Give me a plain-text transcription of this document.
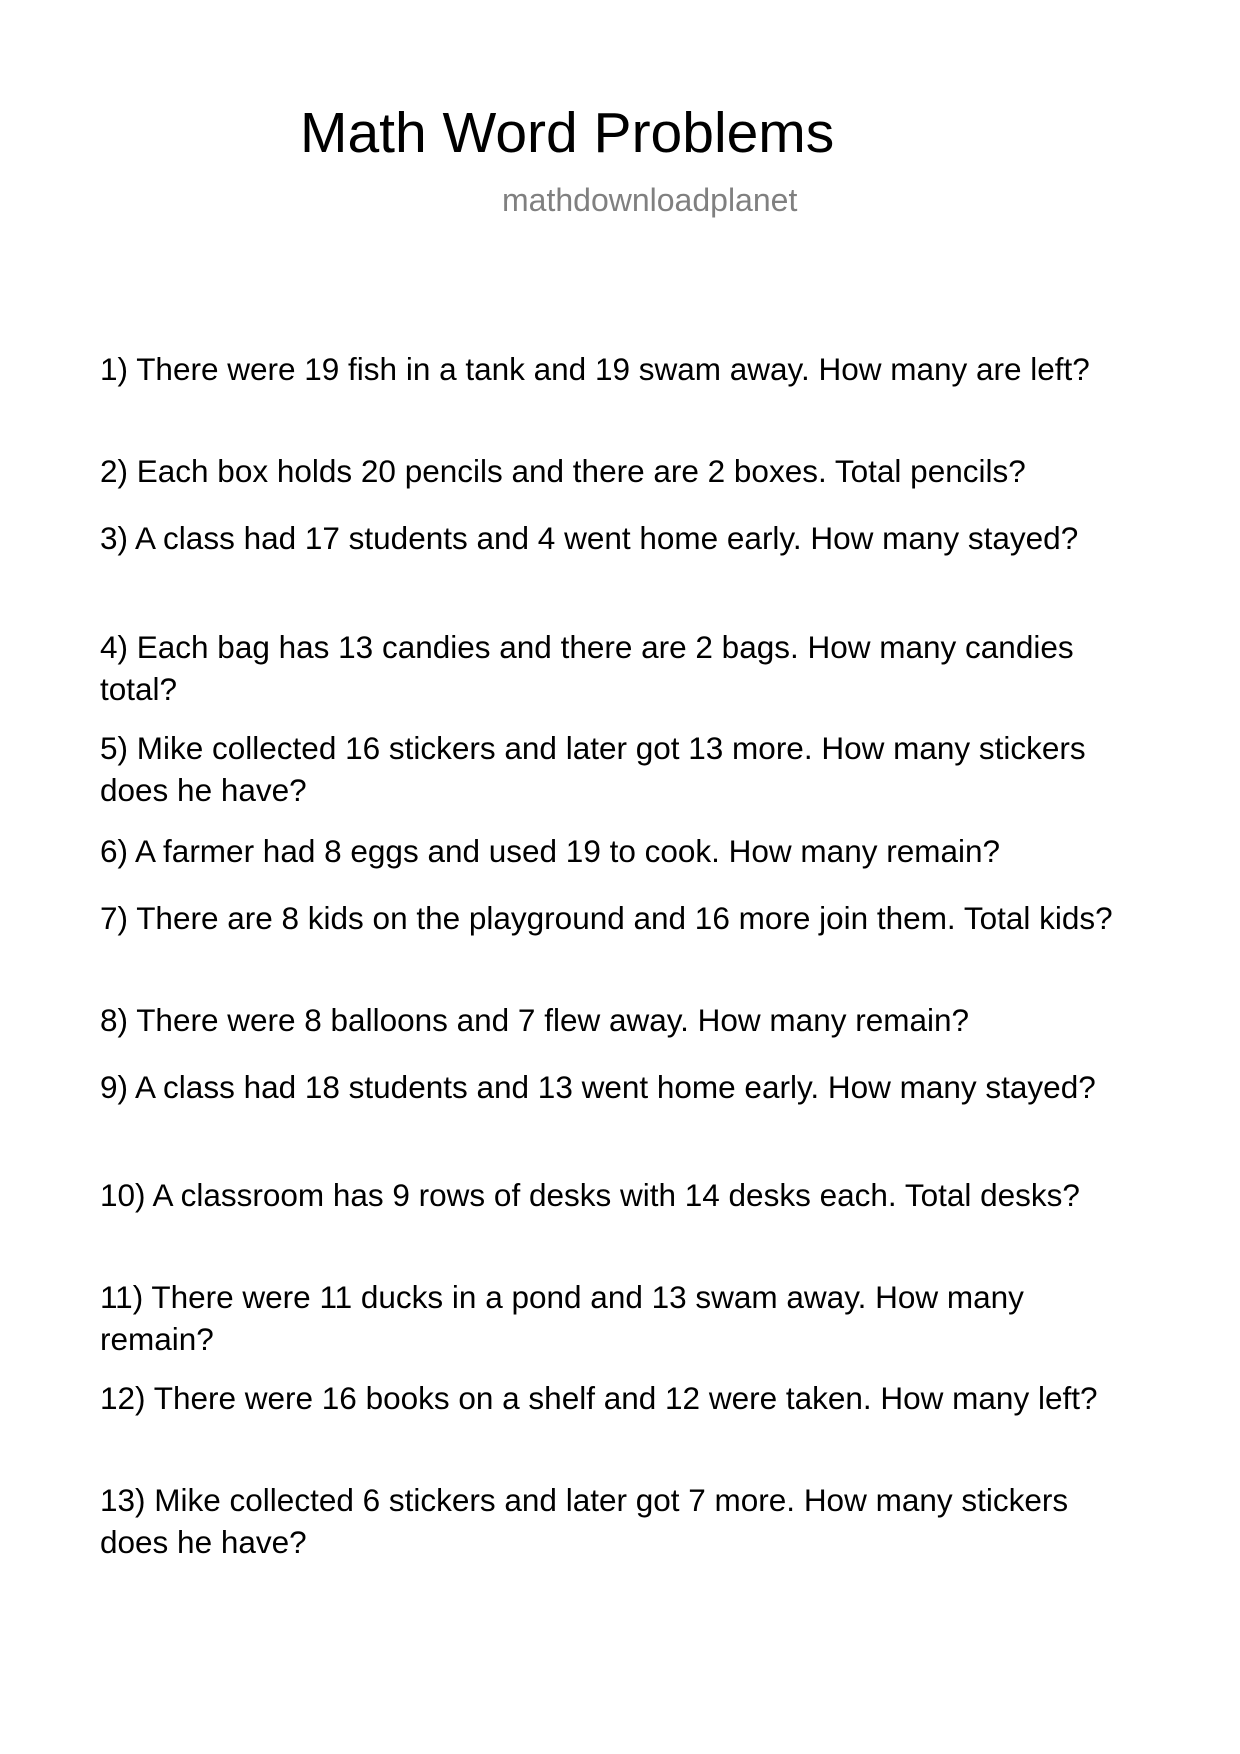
Math Word Problems
mathdownloadplanet
1) There were 19 fish in a tank and 19 swam away. How many are left?
2) Each box holds 20 pencils and there are 2 boxes. Total pencils?
3) A class had 17 students and 4 went home early. How many stayed?
4) Each bag has 13 candies and there are 2 bags. How many candies total?
5) Mike collected 16 stickers and later got 13 more. How many stickers does he have?
6) A farmer had 8 eggs and used 19 to cook. How many remain?
7) There are 8 kids on the playground and 16 more join them. Total kids?
8) There were 8 balloons and 7 flew away. How many remain?
9) A class had 18 students and 13 went home early. How many stayed?
10) A classroom has 9 rows of desks with 14 desks each. Total desks?
11) There were 11 ducks in a pond and 13 swam away. How many remain?
12) There were 16 books on a shelf and 12 were taken. How many left?
13) Mike collected 6 stickers and later got 7 more. How many stickers does he have?
